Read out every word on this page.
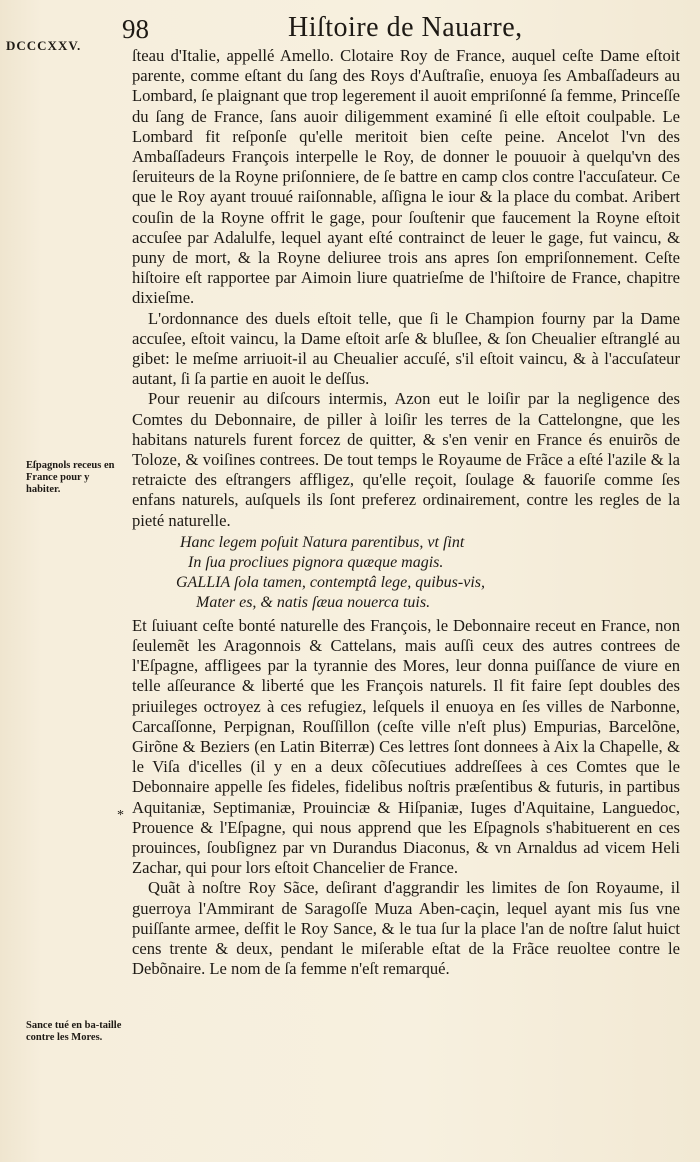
DCCCXXV.
98	Hiſtoire de Nauarre,
Eſpagnols receus en France pour y habiter.
Sance tué en ba-taille contre les Mores.
*

ſteau d'Italie, appellé Amello. Clotaire Roy de France, auquel ceſte Dame eſtoit parente, comme eſtant du ſang des Roys d'Auſtraſie, enuoya ſes Ambaſſadeurs au Lombard, ſe plaignant que trop legerement il auoit empriſonné ſa femme, Princeſſe du ſang de France, ſans auoir diligemment examiné ſi elle eſtoit coulpable. Le Lombard fit reſponſe qu'elle meritoit bien ceſte peine. Ancelot l'vn des Ambaſſadeurs François interpelle le Roy, de donner le pouuoir à quelqu'vn des ſeruiteurs de la Royne priſonniere, de ſe battre en camp clos contre l'accuſateur. Ce que le Roy ayant trouué raiſonnable, aſſigna le iour & la place du combat. Aribert couſin de la Royne offrit le gage, pour ſouſtenir que faucement la Royne eſtoit accuſee par Adalulfe, lequel ayant eſté contrainct de leuer le gage, fut vaincu, & puny de mort, & la Royne deliuree trois ans apres ſon empriſonnement. Ceſte hiſtoire eſt rapportee par Aimoin liure quatrieſme de l'hiſtoire de France, chapitre dixieſme.

L'ordonnance des duels eſtoit telle, que ſi le Champion fourny par la Dame accuſee, eſtoit vaincu, la Dame eſtoit arſe & bluſlee, & ſon Cheualier eſtranglé au gibet: le meſme arriuoit-il au Cheualier accuſé, s'il eſtoit vaincu, & à l'accuſateur autant, ſi ſa partie en auoit le deſſus.

Pour reuenir au diſcours intermis, Azon eut le loiſir par la negligence des Comtes du Debonnaire, de piller à loiſir les terres de la Cattelongne, que les habitans naturels furent forcez de quitter, & s'en venir en France és enuirõs de Toloze, & voiſines contrees. De tout temps le Royaume de Frãce a eſté l'azile & la retraicte des eſtrangers affligez, qu'elle reçoit, ſoulage & fauoriſe comme ſes enfans naturels, auſquels ils ſont preferez ordinairement, contre les regles de la pieté naturelle.

Hanc legem poſuit Natura parentibus, vt ſint
In ſua procliues pignora quæque magis.
GALLIA ſola tamen, contemptâ lege, quibus-vis,
Mater es, & natis ſæua nouerca tuis.

Et ſuiuant ceſte bonté naturelle des François, le Debonnaire receut en France, non ſeulemẽt les Aragonnois & Cattelans, mais auſſi ceux des autres contrees de l'Eſpagne, affligees par la tyrannie des Mores, leur donna puiſſance de viure en telle aſſeurance & liberté que les François naturels. Il fit faire ſept doubles des priuileges octroyez à ces refugiez, leſquels il enuoya en ſes villes de Narbonne, Carcaſſonne, Perpignan, Rouſſillon (ceſte ville n'eſt plus) Empurias, Barcelõne, Girõne & Beziers (en Latin Biterræ) Ces lettres ſont donnees à Aix la Chapelle, & le Viſa d'icelles (il y en a deux cõſecutiues addreſſees à ces Comtes que le Debonnaire appelle ſes fideles, fidelibus noſtris præſentibus & futuris, in partibus Aquitaniæ, Septimaniæ, Prouinciæ & Hiſpaniæ, Iuges d'Aquitaine, Languedoc, Prouence & l'Eſpagne, qui nous apprend que les Eſpagnols s'habituerent en ces prouinces, ſoubſignez par vn Durandus Diaconus, & vn Arnaldus ad vicem Heli Zachar, qui pour lors eſtoit Chancelier de France.

Quãt à noſtre Roy Sãce, deſirant d'aggrandir les limites de ſon Royaume, il guerroya l'Ammirant de Saragoſſe Muza Aben-caçin, lequel ayant mis ſus vne puiſſante armee, deſfit le Roy Sance, & le tua ſur la place l'an de noſtre ſalut huict cens trente & deux, pendant le miſerable eſtat de la Frãce reuoltee contre le Debõnaire. Le nom de ſa femme n'eſt remarqué.
